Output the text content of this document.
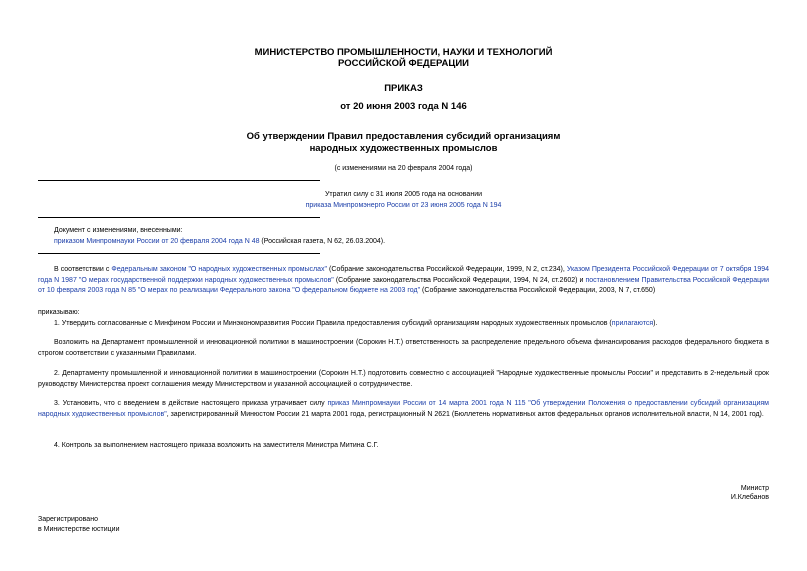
МИНИСТЕРСТВО ПРОМЫШЛЕННОСТИ, НАУКИ И ТЕХНОЛОГИЙ
РОССИЙСКОЙ ФЕДЕРАЦИИ
ПРИКАЗ
от 20 июня 2003 года N 146
Об утверждении Правил предоставления субсидий организациям
народных художественных промыслов
(с изменениями на 20 февраля 2004 года)
Утратил силу с 31 июля 2005 года на основании
приказа Минпромэнерго России от 23 июня 2005 года N 194
Документ с изменениями, внесенными:
приказом Минпромнауки России от 20 февраля 2004 года N 48 (Российская газета, N 62, 26.03.2004).
В соответствии с Федеральным законом "О народных художественных промыслах" (Собрание законодательства Российской Федерации, 1999, N 2, ст.234), Указом Президента Российской Федерации от 7 октября 1994 года N 1987 "О мерах государственной поддержки народных художественных промыслов" (Собрание законодательства Российской Федерации, 1994, N 24, ст.2602) и постановлением Правительства Российской Федерации от 10 февраля 2003 года N 85 "О мерах по реализации Федерального закона "О федеральном бюджете на 2003 год" (Собрание законодательства Российской Федерации, 2003, N 7, ст.650)
приказываю:
1. Утвердить согласованные с Минфином России и Минэкономразвития России Правила предоставления субсидий организациям народных художественных промыслов (прилагаются).
Возложить на Департамент промышленной и инновационной политики в машиностроении (Сорокин Н.Т.) ответственность за распределение предельного объема финансирования расходов федерального бюджета в строгом соответствии с указанными Правилами.
2. Департаменту промышленной и инновационной политики в машиностроении (Сорокин Н.Т.) подготовить совместно с ассоциацией "Народные художественные промыслы России" и представить в 2-недельный срок руководству Министерства проект соглашения между Министерством и указанной ассоциацией о сотрудничестве.
3. Установить, что с введением в действие настоящего приказа утрачивает силу приказ Минпромнауки России от 14 марта 2001 года N 115 "Об утверждении Положения о предоставлении субсидий организациям народных художественных промыслов", зарегистрированный Минюстом России 21 марта 2001 года, регистрационный N 2621 (Бюллетень нормативных актов федеральных органов исполнительной власти, N 14, 2001 год).
4. Контроль за выполнением настоящего приказа возложить на заместителя Министра Митина С.Г.
Министр
И.Клебанов
Зарегистрировано
в Министерстве юстиции
